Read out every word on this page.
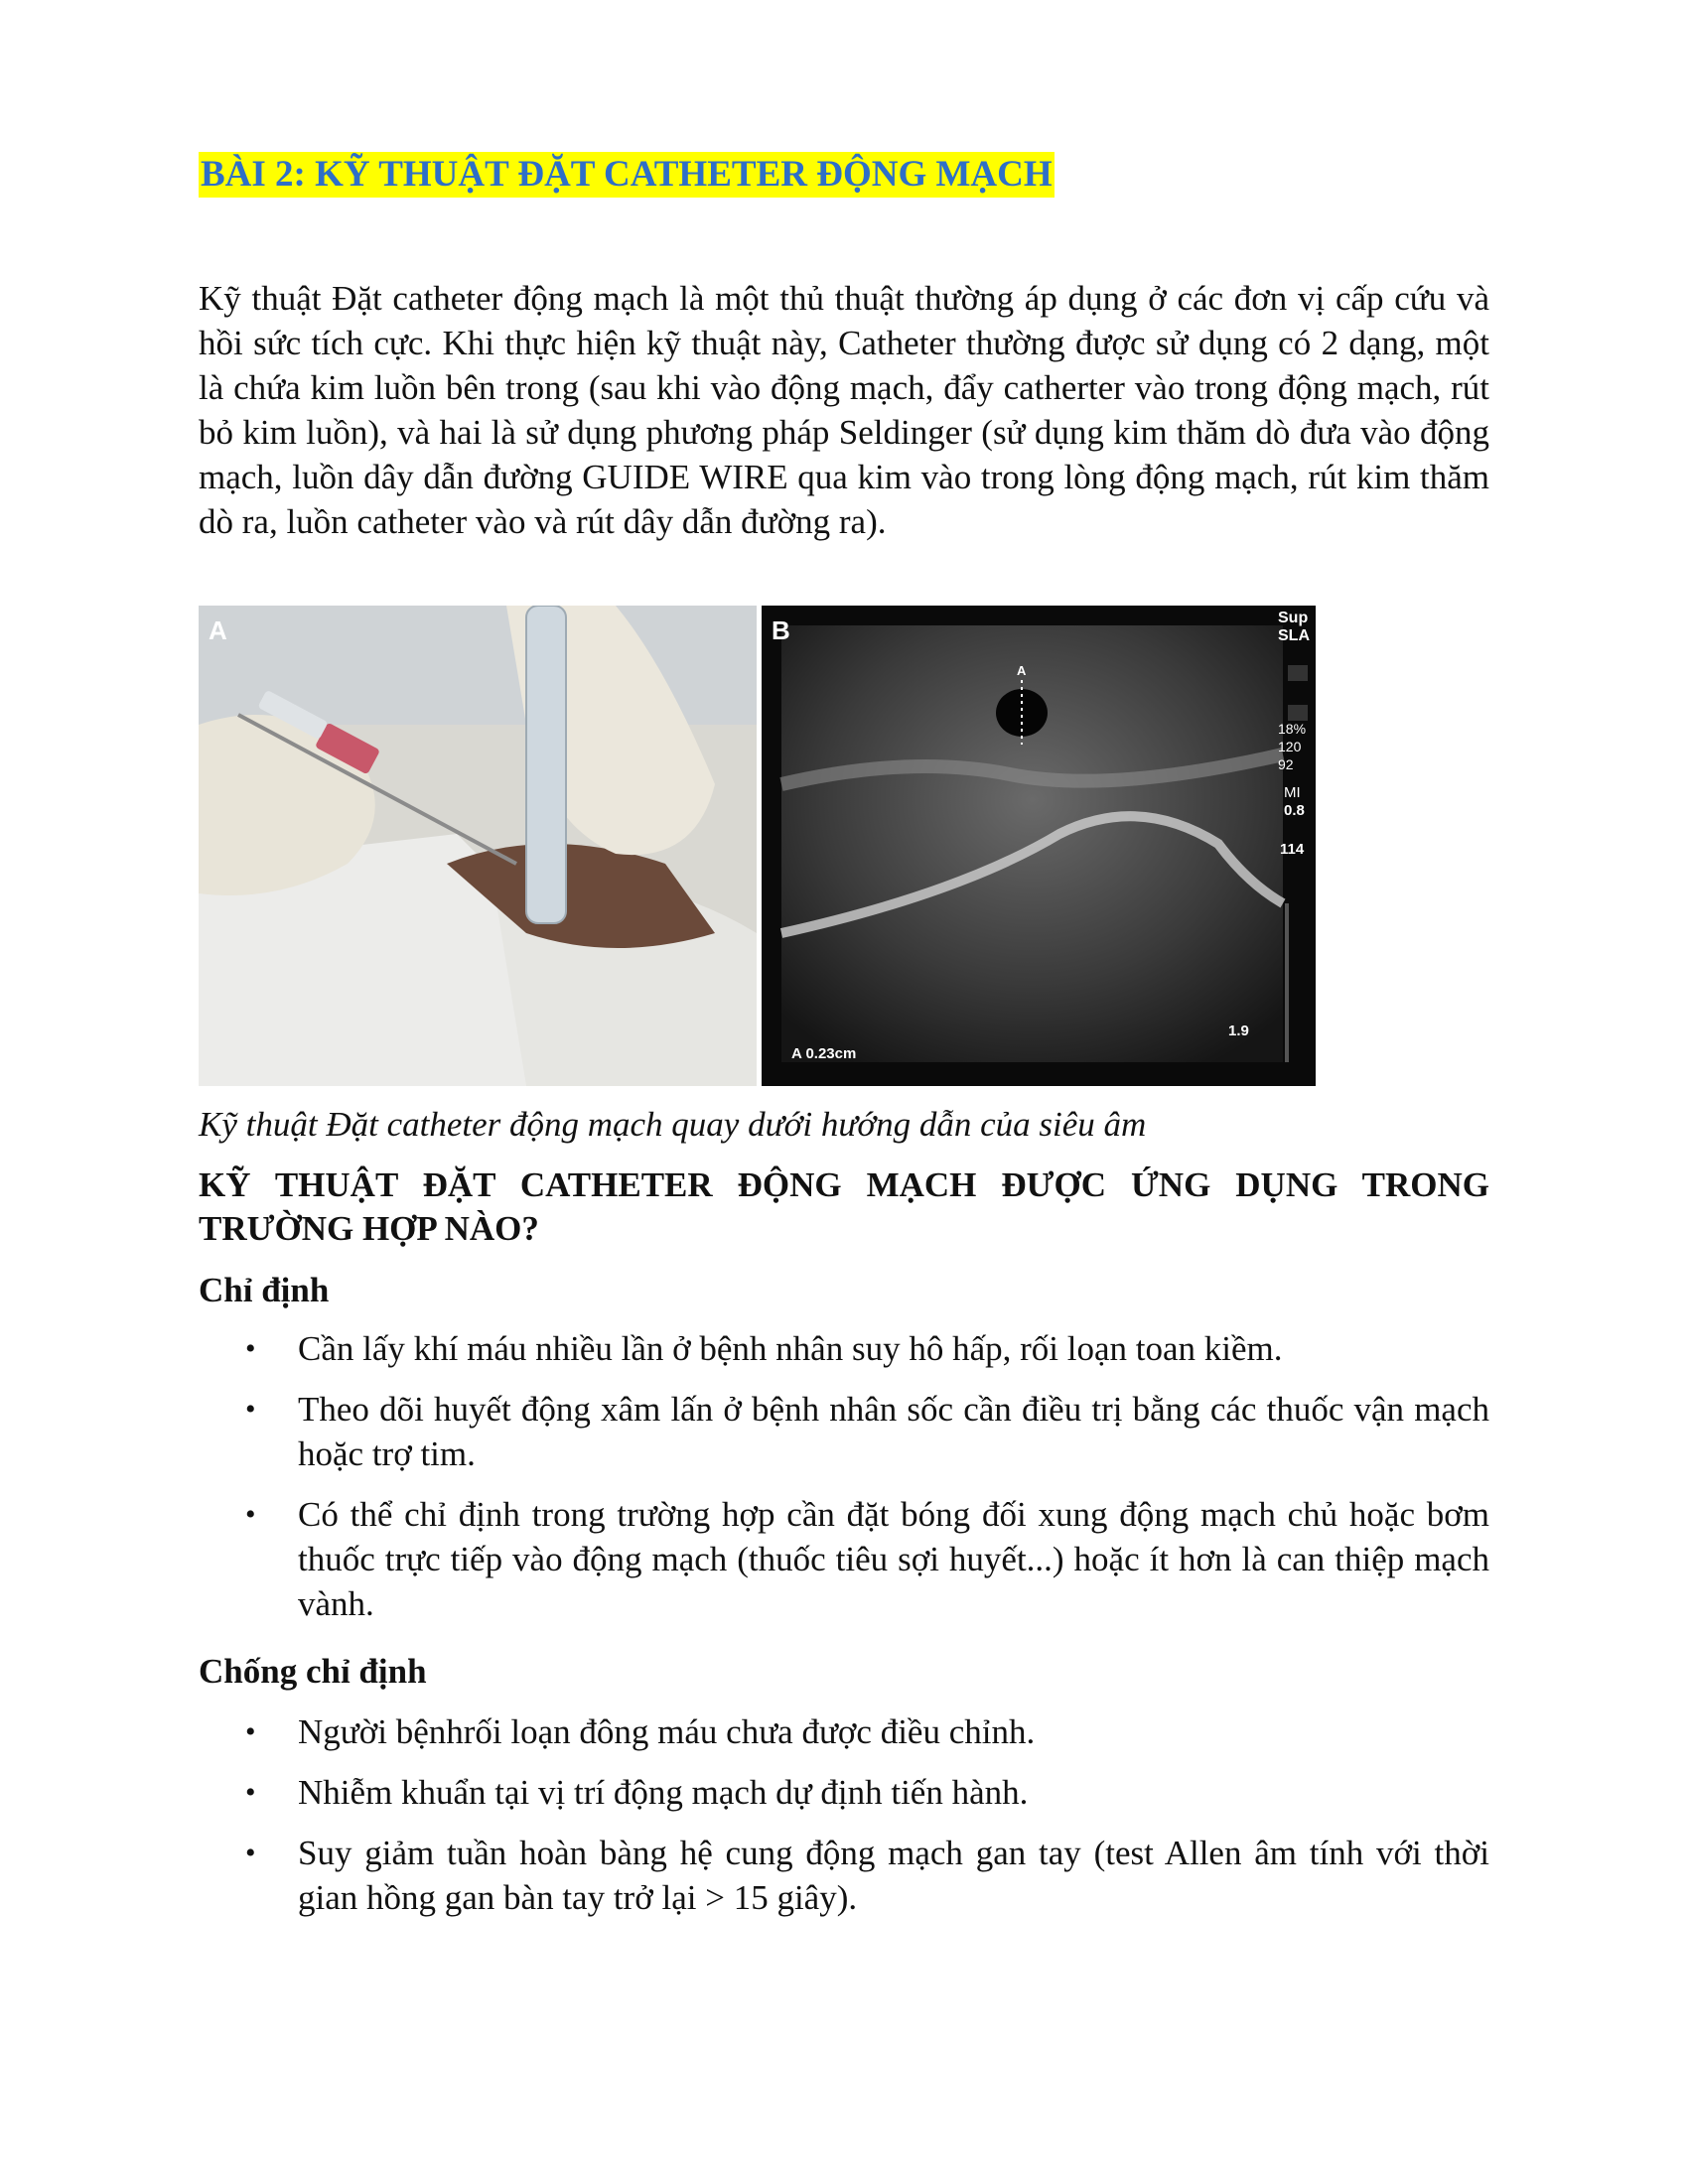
BÀI 2: KỸ THUẬT ĐẶT CATHETER ĐỘNG MẠCH

Kỹ thuật Đặt catheter động mạch là một thủ thuật thường áp dụng ở các đơn vị cấp cứu và hồi sức tích cực. Khi thực hiện kỹ thuật này, Catheter thường được sử dụng có 2 dạng, một là chứa kim luồn bên trong (sau khi vào động mạch, đẩy catherter vào trong động mạch, rút bỏ kim luồn), và hai là sử dụng phương pháp Seldinger (sử dụng kim thăm dò đưa vào động mạch, luồn dây dẫn đường GUIDE WIRE qua kim vào trong lòng động mạch, rút kim thăm dò ra, luồn catheter vào và rút dây dẫn đường ra).

A	B	Sup
SLA
18%
120
92
MI
0.8
114
A
1.9
A 0.23cm
Kỹ thuật Đặt catheter động mạch quay dưới hướng dẫn của siêu âm
KỸ THUẬT ĐẶT CATHETER ĐỘNG MẠCH ĐƯỢC ỨNG DỤNG TRONG TRƯỜNG HỢP NÀO?
Chỉ định
• Cần lấy khí máu nhiều lần ở bệnh nhân suy hô hấp, rối loạn toan kiềm.
• Theo dõi huyết động xâm lấn ở bệnh nhân sốc cần điều trị bằng các thuốc vận mạch hoặc trợ tim.
• Có thể chỉ định trong trường hợp cần đặt bóng đối xung động mạch chủ hoặc bơm thuốc trực tiếp vào động mạch (thuốc tiêu sợi huyết...) hoặc ít hơn là can thiệp mạch vành.
Chống chỉ định
• Người bệnhrối loạn đông máu chưa được điều chỉnh.
• Nhiễm khuẩn tại vị trí động mạch dự định tiến hành.
• Suy giảm tuần hoàn bàng hệ cung động mạch gan tay (test Allen âm tính với thời gian hồng gan bàn tay trở lại > 15 giây).
